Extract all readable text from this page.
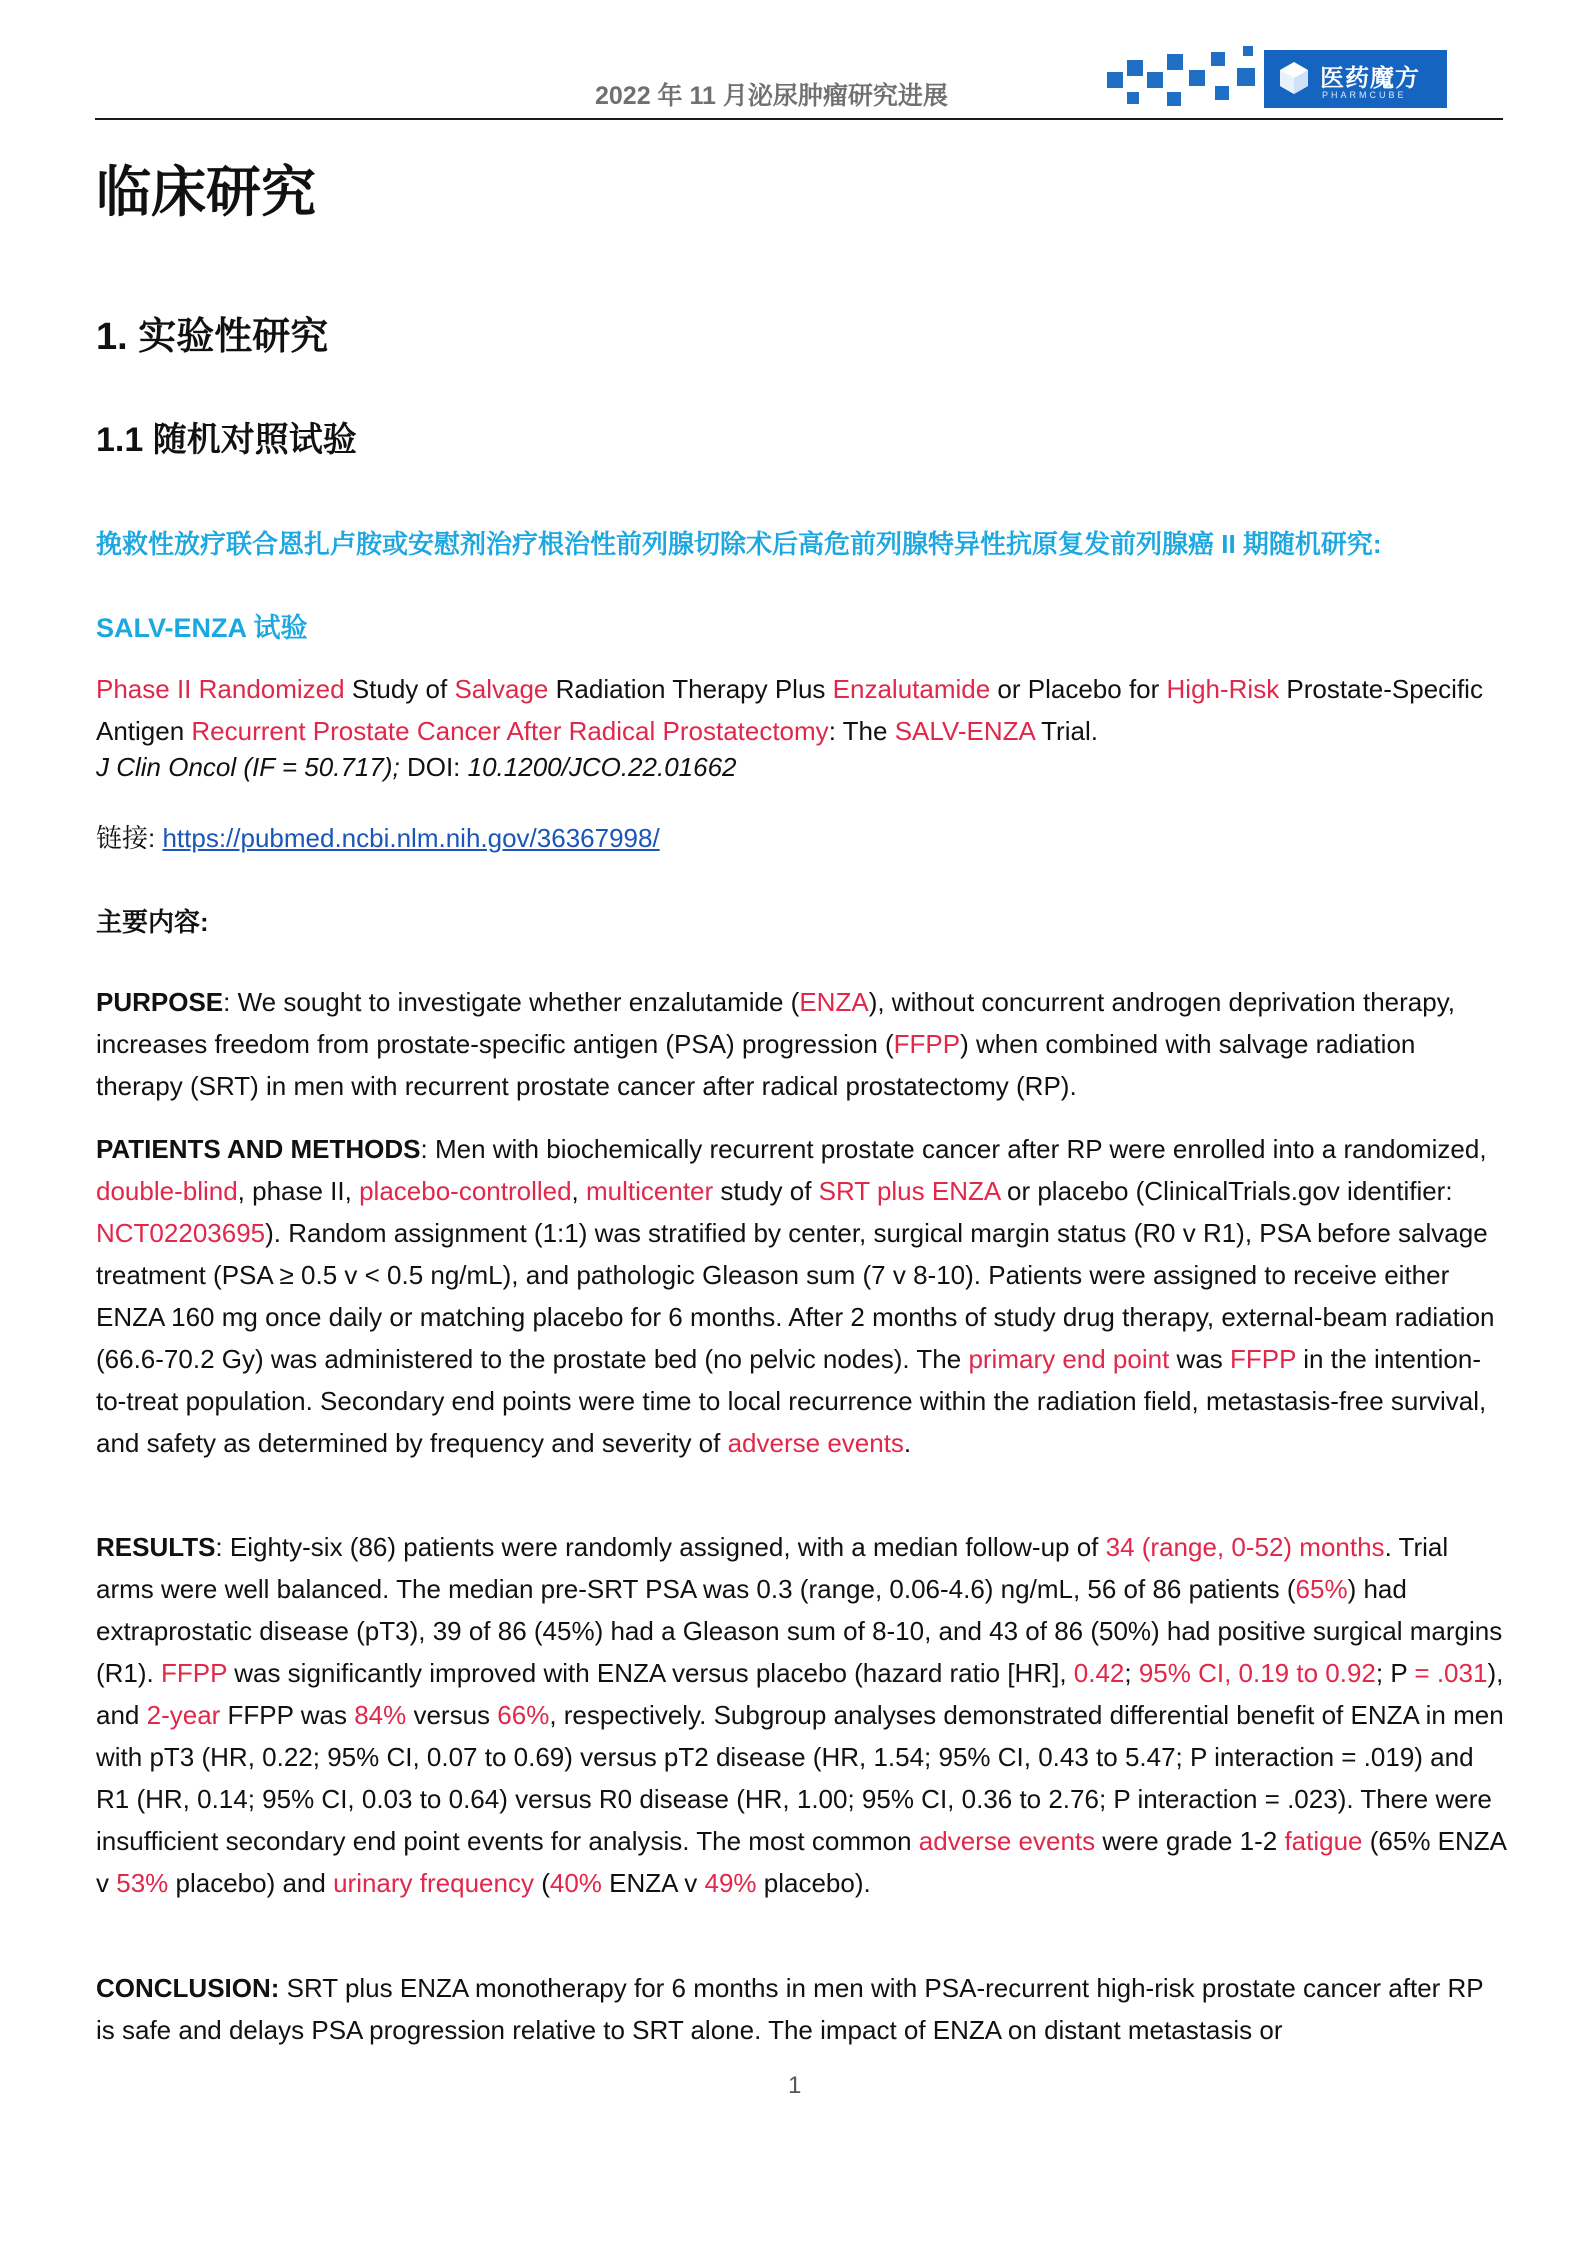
2022 年 11 月泌尿肿瘤研究进展
医药魔方
PHARMCUBE
临床研究
1. 实验性研究
1.1 随机对照试验
挽救性放疗联合恩扎卢胺或安慰剂治疗根治性前列腺切除术后高危前列腺特异性抗原复发前列腺癌 II 期随机研究:
SALV-ENZA 试验
Phase II Randomized Study of Salvage Radiation Therapy Plus Enzalutamide or Placebo for High-Risk Prostate-Specific Antigen Recurrent Prostate Cancer After Radical Prostatectomy: The SALV-ENZA Trial.
J Clin Oncol (IF = 50.717); DOI: 10.1200/JCO.22.01662
链接: https://pubmed.ncbi.nlm.nih.gov/36367998/
主要内容:
PURPOSE: We sought to investigate whether enzalutamide (ENZA), without concurrent androgen deprivation therapy, increases freedom from prostate-specific antigen (PSA) progression (FFPP) when combined with salvage radiation therapy (SRT) in men with recurrent prostate cancer after radical prostatectomy (RP).
PATIENTS AND METHODS: Men with biochemically recurrent prostate cancer after RP were enrolled into a randomized, double-blind, phase II, placebo-controlled, multicenter study of SRT plus ENZA or placebo (ClinicalTrials.gov identifier: NCT02203695). Random assignment (1:1) was stratified by center, surgical margin status (R0 v R1), PSA before salvage treatment (PSA ≥ 0.5 v < 0.5 ng/mL), and pathologic Gleason sum (7 v 8-10). Patients were assigned to receive either ENZA 160 mg once daily or matching placebo for 6 months. After 2 months of study drug therapy, external-beam radiation (66.6-70.2 Gy) was administered to the prostate bed (no pelvic nodes). The primary end point was FFPP in the intention-to-treat population. Secondary end points were time to local recurrence within the radiation field, metastasis-free survival, and safety as determined by frequency and severity of adverse events.
RESULTS: Eighty-six (86) patients were randomly assigned, with a median follow-up of 34 (range, 0-52) months. Trial arms were well balanced. The median pre-SRT PSA was 0.3 (range, 0.06-4.6) ng/mL, 56 of 86 patients (65%) had extraprostatic disease (pT3), 39 of 86 (45%) had a Gleason sum of 8-10, and 43 of 86 (50%) had positive surgical margins (R1). FFPP was significantly improved with ENZA versus placebo (hazard ratio [HR], 0.42; 95% CI, 0.19 to 0.92; P = .031), and 2-year FFPP was 84% versus 66%, respectively. Subgroup analyses demonstrated differential benefit of ENZA in men with pT3 (HR, 0.22; 95% CI, 0.07 to 0.69) versus pT2 disease (HR, 1.54; 95% CI, 0.43 to 5.47; P interaction = .019) and R1 (HR, 0.14; 95% CI, 0.03 to 0.64) versus R0 disease (HR, 1.00; 95% CI, 0.36 to 2.76; P interaction = .023). There were insufficient secondary end point events for analysis. The most common adverse events were grade 1-2 fatigue (65% ENZA v 53% placebo) and urinary frequency (40% ENZA v 49% placebo).
CONCLUSION: SRT plus ENZA monotherapy for 6 months in men with PSA-recurrent high-risk prostate cancer after RP is safe and delays PSA progression relative to SRT alone. The impact of ENZA on distant metastasis or
1
